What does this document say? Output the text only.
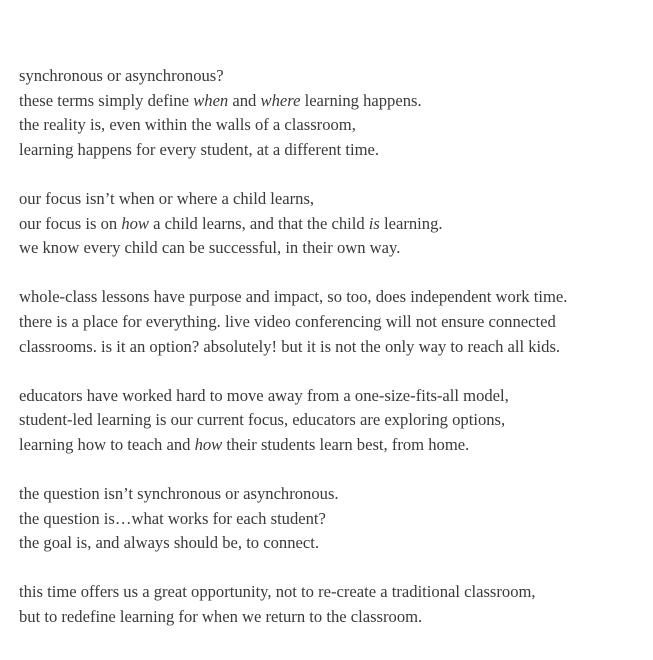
synchronous or asynchronous?
these terms simply define when and where learning happens.
the reality is, even within the walls of a classroom,
learning happens for every student, at a different time.
our focus isn’t when or where a child learns,
our focus is on how a child learns, and that the child is learning.
we know every child can be successful, in their own way.
whole-class lessons have purpose and impact, so too, does independent work time.
there is a place for everything. live video conferencing will not ensure connected
classrooms. is it an option? absolutely! but it is not the only way to reach all kids.
educators have worked hard to move away from a one-size-fits-all model,
student-led learning is our current focus, educators are exploring options,
learning how to teach and how their students learn best, from home.
the question isn’t synchronous or asynchronous.
the question is…what works for each student?
the goal is, and always should be, to connect.
this time offers us a great opportunity, not to re-create a traditional classroom,
but to redefine learning for when we return to the classroom.
